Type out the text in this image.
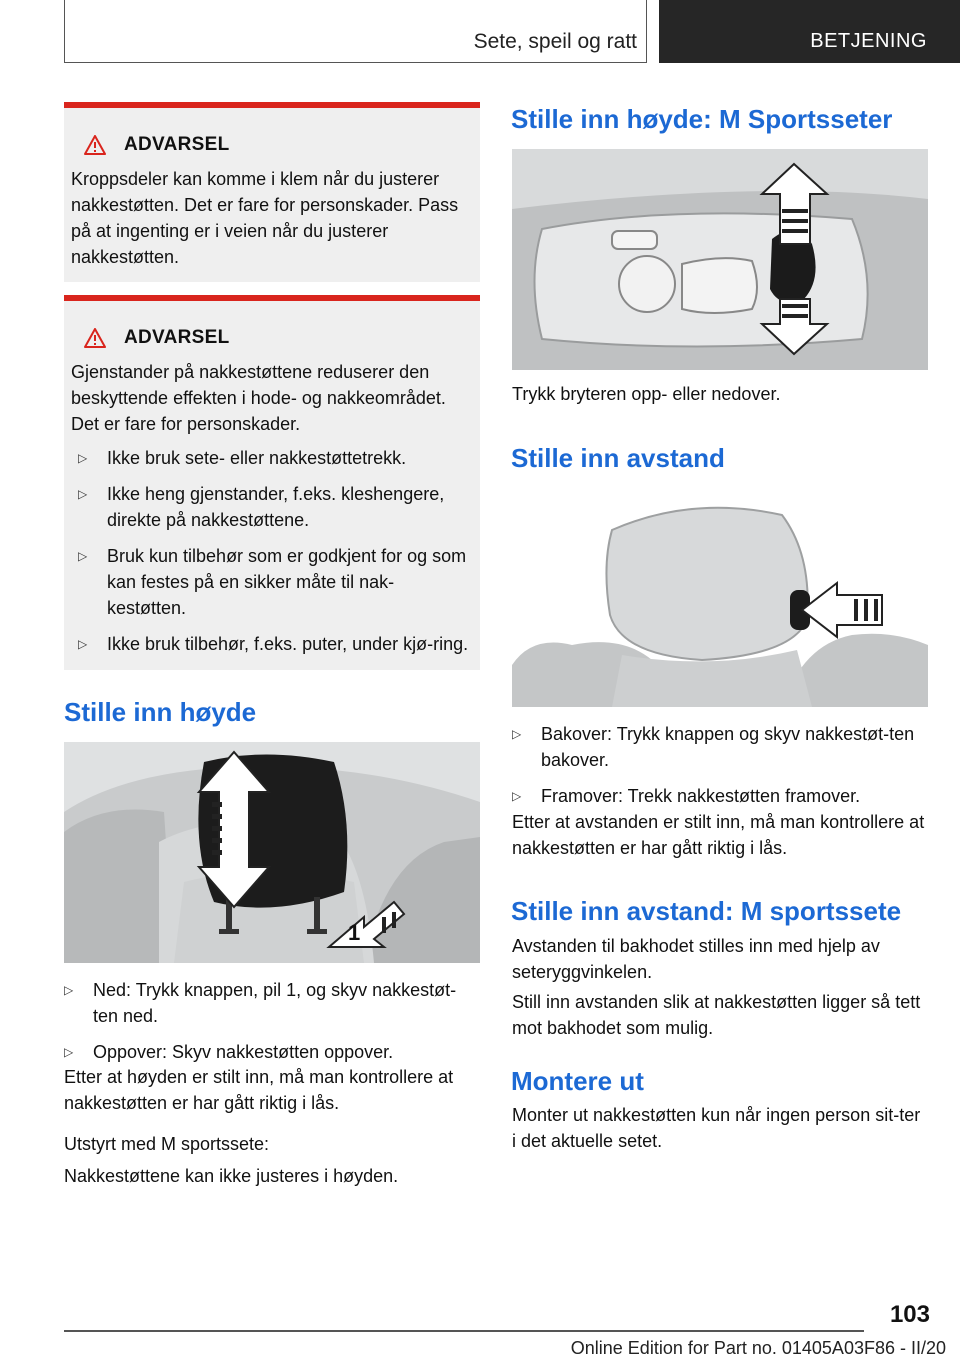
Sete, speil og ratt	BETJENING
ADVARSEL
Kroppsdeler kan komme i klem når du justerer nakkestøtten. Det er fare for personskader. Pass på at ingenting er i veien når du justerer nakkestøtten.
ADVARSEL
Gjenstander på nakkestøttene reduserer den beskyttende effekten i hode- og nakkeområdet. Det er fare for personskader.
▷ Ikke bruk sete- eller nakkestøttetrekk.
▷ Ikke heng gjenstander, f.eks. kleshengere, direkte på nakkestøttene.
▷ Bruk kun tilbehør som er godkjent for og som kan festes på en sikker måte til nak-kestøtten.
▷ Ikke bruk tilbehør, f.eks. puter, under kjø-ring.
Stille inn høyde
1
▷ Ned: Trykk knappen, pil 1, og skyv nakkestøt-ten ned.
▷ Oppover: Skyv nakkestøtten oppover.

Etter at høyden er stilt inn, må man kontrollere at nakkestøtten er har gått riktig i lås.

Utstyrt med M sportssete:

Nakkestøttene kan ikke justeres i høyden.

Stille inn høyde: M Sportsseter

Trykk bryteren opp- eller nedover.

Stille inn avstand
▷ Bakover: Trykk knappen og skyv nakkestøt-ten bakover.
▷ Framover: Trekk nakkestøtten framover.

Etter at avstanden er stilt inn, må man kontrollere at nakkestøtten er har gått riktig i lås.

Stille inn avstand: M sportssete

Avstanden til bakhodet stilles inn med hjelp av seteryggvinkelen.

Still inn avstanden slik at nakkestøtten ligger så tett mot bakhodet som mulig.

Montere ut

Monter ut nakkestøtten kun når ingen person sit-ter i det aktuelle setet.

103
Online Edition for Part no. 01405A03F86 - II/20
